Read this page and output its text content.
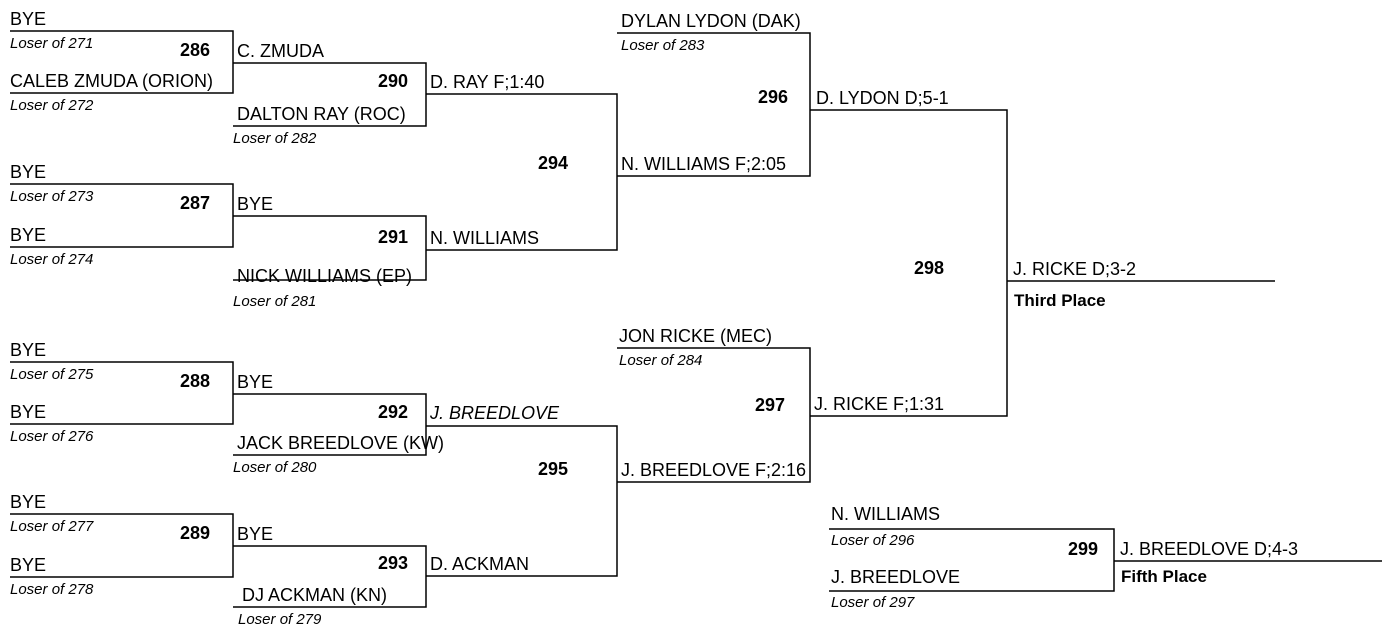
BYE
Loser of 271
CALEB ZMUDA (ORION)
Loser of 272
BYE
Loser of 273
BYE
Loser of 274
BYE
Loser of 275
BYE
Loser of 276
BYE
Loser of 277
BYE
Loser of 278
286 C. ZMUDA
287 BYE
288 BYE
289 BYE
DALTON RAY (ROC)
Loser of 282
NICK WILLIAMS (EP)
Loser of 281
JACK BREEDLOVE (KW)
Loser of 280
DJ ACKMAN (KN)
Loser of 279
290 D. RAY F;1:40
291 N. WILLIAMS
292 J. BREEDLOVE
293 D. ACKMAN
294	N. WILLIAMS F;2:05
295	J. BREEDLOVE F;2:16
DYLAN LYDON (DAK)
Loser of 283
JON RICKE (MEC)
Loser of 284
296 D. LYDON D;5-1
297 J. RICKE F;1:31
298	J. RICKE D;3-2
Third Place
N. WILLIAMS
Loser of 296
J. BREEDLOVE
Loser of 297
299 J. BREEDLOVE D;4-3
Fifth Place
